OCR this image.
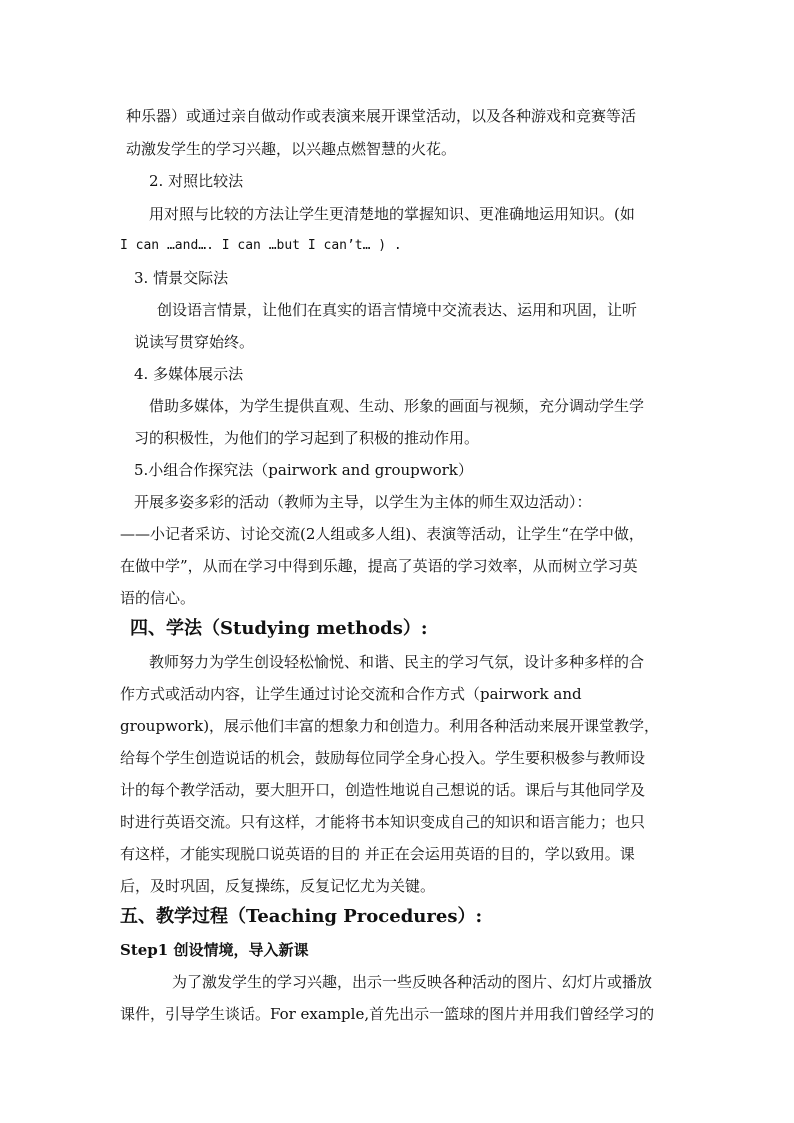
种乐器）或通过亲自做动作或表演来展开课堂活动，以及各种游戏和竞赛等活
动激发学生的学习兴趣，以兴趣点燃智慧的火花。
2. 对照比较法
用对照与比较的方法让学生更清楚地的掌握知识、更准确地运用知识。(如
I can …and…. I can …but I can’t… ) .
3. 情景交际法
创设语言情景，让他们在真实的语言情境中交流表达、运用和巩固，让听
说读写贯穿始终。
4. 多媒体展示法
借助多媒体，为学生提供直观、生动、形象的画面与视频，充分调动学生学
习的积极性，为他们的学习起到了积极的推动作用。
5.小组合作探究法（pairwork and groupwork）
开展多姿多彩的活动（教师为主导，以学生为主体的师生双边活动）：
——小记者采访、讨论交流(2人组或多人组)、表演等活动，让学生“在学中做，
在做中学”，从而在学习中得到乐趣，提高了英语的学习效率，从而树立学习英
语的信心。
四、学法（Studying methods）:
教师努力为学生创设轻松愉悦、和谐、民主的学习气氛，设计多种多样的合
作方式或活动内容，让学生通过讨论交流和合作方式（pairwork and
groupwork)，展示他们丰富的想象力和创造力。利用各种活动来展开课堂教学，
给每个学生创造说话的机会，鼓励每位同学全身心投入。学生要积极参与教师设
计的每个教学活动，要大胆开口，创造性地说自己想说的话。课后与其他同学及
时进行英语交流。只有这样，才能将书本知识变成自己的知识和语言能力；也只
有这样，才能实现脱口说英语的目的 并正在会运用英语的目的，学以致用。课
后，及时巩固，反复操练，反复记忆尤为关键。
五、教学过程（Teaching Procedures）:
Step1 创设情境，导入新课
为了激发学生的学习兴趣，出示一些反映各种活动的图片、幻灯片或播放
课件，引导学生谈话。For example,首先出示一篮球的图片并用我们曾经学习的
